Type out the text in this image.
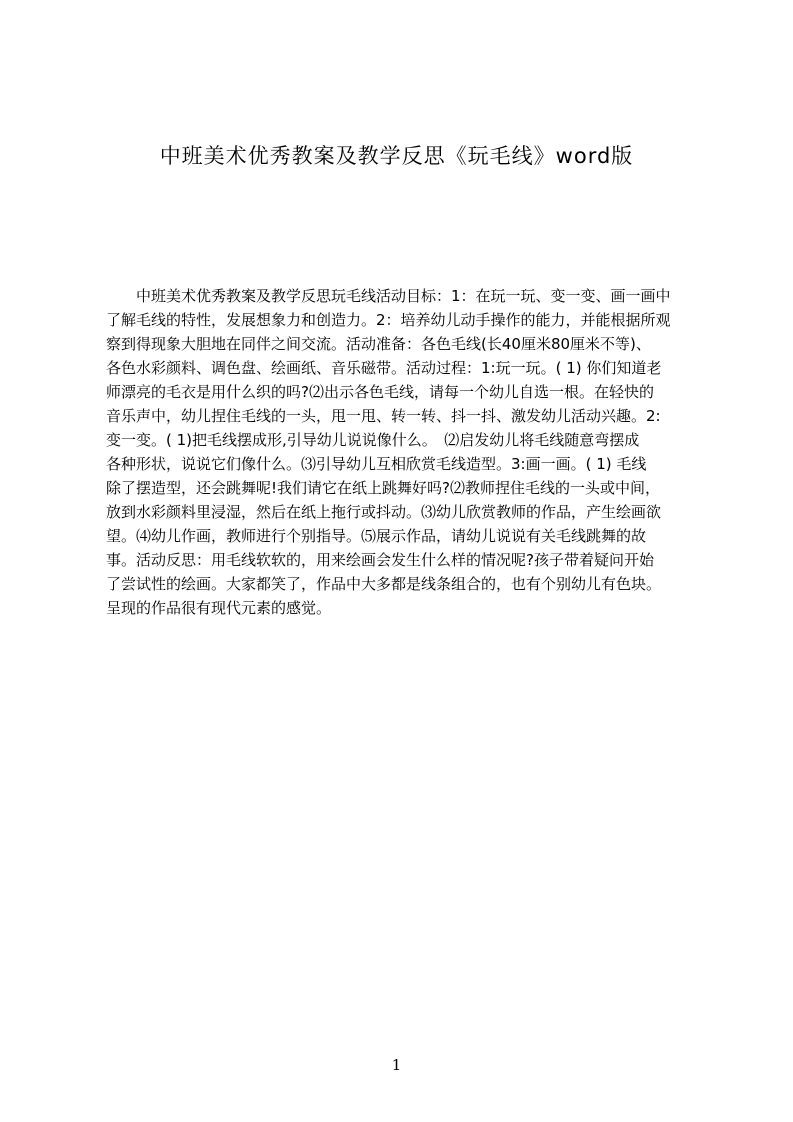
中班美术优秀教案及教学反思《玩毛线》word版
　　中班美术优秀教案及教学反思玩毛线活动目标：1：在玩一玩、变一变、画一画中
了解毛线的特性，发展想象力和创造力。2：培养幼儿动手操作的能力，并能根据所观
察到得现象大胆地在同伴之间交流。活动准备：各色毛线(长40厘米80厘米不等)、
各色水彩颜料、调色盘、绘画纸、音乐磁带。活动过程：1:玩一玩。( 1) 你们知道老
师漂亮的毛衣是用什么织的吗?⑵出示各色毛线，请每一个幼儿自选一根。在轻快的
音乐声中，幼儿捏住毛线的一头，甩一甩、转一转、抖一抖、激发幼儿活动兴趣。2:
变一变。( 1)把毛线摆成形,引导幼儿说说像什么。　⑵启发幼儿将毛线随意弯摆成
各种形状，说说它们像什么。⑶引导幼儿互相欣赏毛线造型。3:画一画。( 1) 毛线
除了摆造型，还会跳舞呢!我们请它在纸上跳舞好吗?⑵教师捏住毛线的一头或中间，
放到水彩颜料里浸湿，然后在纸上拖行或抖动。⑶幼儿欣赏教师的作品，产生绘画欲
望。⑷幼儿作画，教师进行个别指导。⑸展示作品，请幼儿说说有关毛线跳舞的故
事。活动反思：用毛线软软的，用来绘画会发生什么样的情况呢?孩子带着疑问开始
了尝试性的绘画。大家都笑了，作品中大多都是线条组合的，也有个别幼儿有色块。
呈现的作品很有现代元素的感觉。
1
